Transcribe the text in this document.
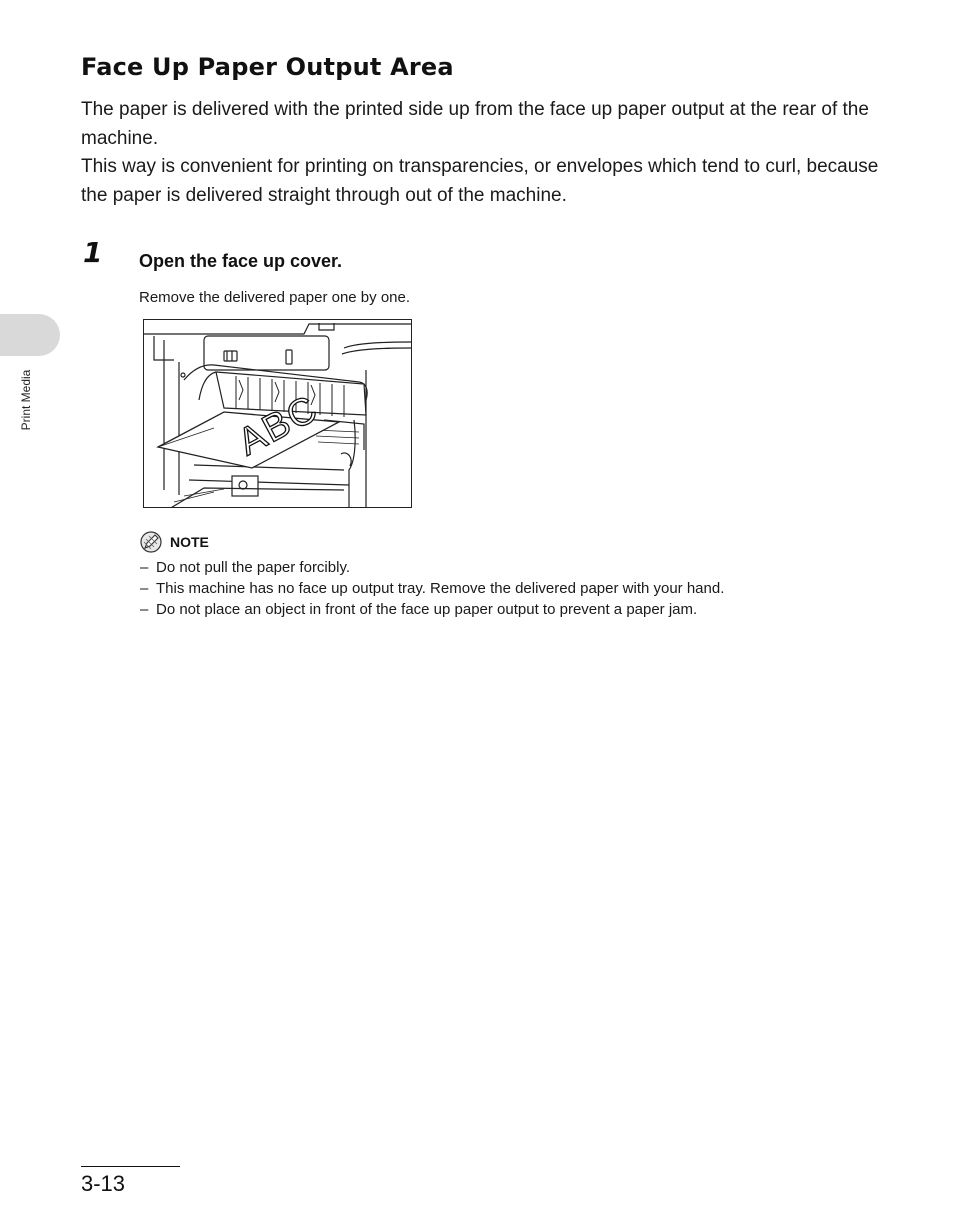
Print Media
Face Up Paper Output Area

The paper is delivered with the printed side up from the face up paper output at the rear of the machine.

This way is convenient for printing on transparencies, or envelopes which tend to curl, because the paper is delivered straight through out of the machine.

1 Open the face up cover.
Remove the delivered paper one by one.
ABC
NOTE
– Do not pull the paper forcibly.
– This machine has no face up output tray. Remove the delivered paper with your hand.
– Do not place an object in front of the face up paper output to prevent a paper jam.
3-13
